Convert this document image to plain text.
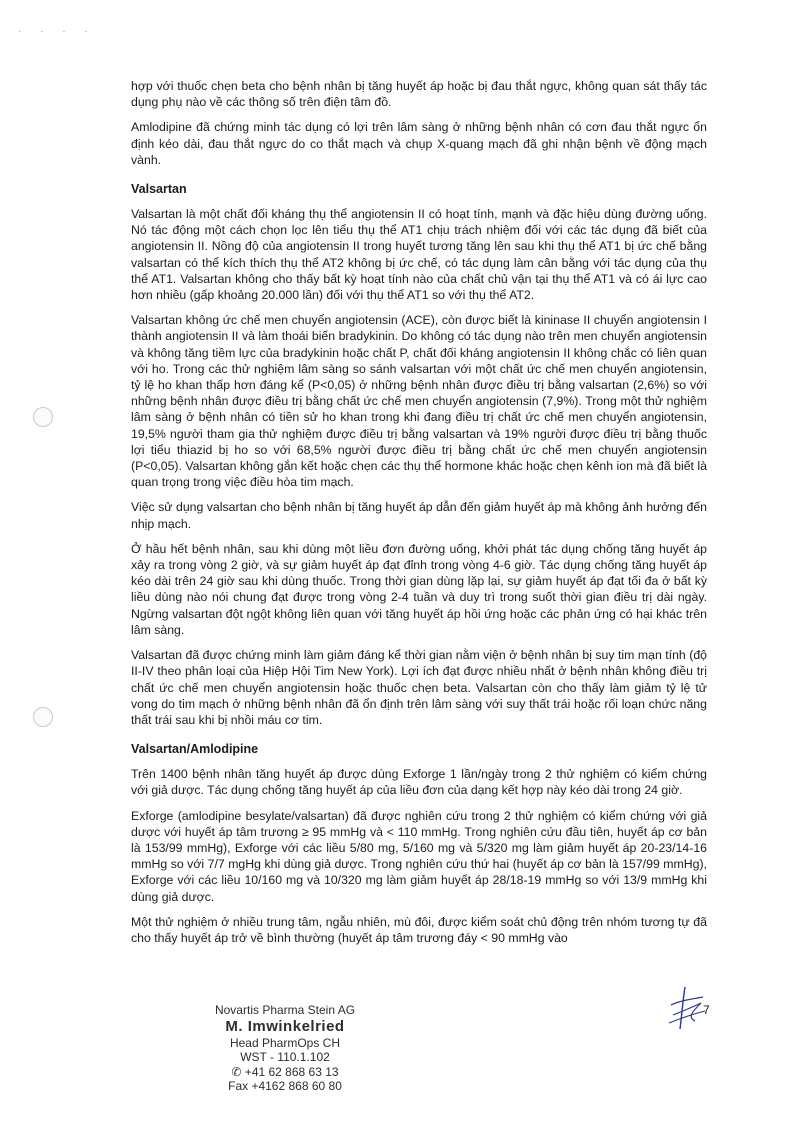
· · · ·

hợp với thuốc chẹn beta cho bệnh nhân bị tăng huyết áp hoặc bị đau thắt ngực, không quan sát thấy tác dụng phụ nào về các thông số trên điện tâm đồ.

Amlodipine đã chứng minh tác dụng có lợi trên lâm sàng ở những bệnh nhân có cơn đau thắt ngực ổn định kéo dài, đau thắt ngực do co thắt mạch và chụp X-quang mạch đã ghi nhận bệnh về động mạch vành.

Valsartan

Valsartan là một chất đối kháng thụ thể angiotensin II có hoạt tính, mạnh và đặc hiệu dùng đường uống. Nó tác động một cách chọn lọc lên tiểu thụ thể AT1 chịu trách nhiệm đối với các tác dụng đã biết của angiotensin II. Nồng độ của angiotensin II trong huyết tương tăng lên sau khi thụ thể AT1 bị ức chế bằng valsartan có thể kích thích thụ thể AT2 không bị ức chế, có tác dụng làm cân bằng với tác dụng của thụ thể AT1. Valsartan không cho thấy bất kỳ hoạt tính nào của chất chủ vận tại thụ thể AT1 và có ái lực cao hơn nhiều (gấp khoảng 20.000 lần) đối với thụ thể AT1 so với thụ thể AT2.

Valsartan không ức chế men chuyển angiotensin (ACE), còn được biết là kininase II chuyển angiotensin I thành angiotensin II và làm thoái biến bradykinin. Do không có tác dụng nào trên men chuyển angiotensin và không tăng tiềm lực của bradykinin hoặc chất P, chất đối kháng angiotensin II không chắc có liên quan với ho. Trong các thử nghiệm lâm sàng so sánh valsartan với một chất ức chế men chuyển angiotensin, tỷ lệ ho khan thấp hơn đáng kể (P<0,05) ở những bệnh nhân được điều trị bằng valsartan (2,6%) so với những bệnh nhân được điều trị bằng chất ức chế men chuyển angiotensin (7,9%). Trong một thử nghiệm lâm sàng ở bệnh nhân có tiền sử ho khan trong khi đang điều trị chất ức chế men chuyển angiotensin, 19,5% người tham gia thử nghiệm được điều trị bằng valsartan và 19% người được điều trị bằng thuốc lợi tiểu thiazid bị ho so với 68,5% người được điều trị bằng chất ức chế men chuyển angiotensin (P<0,05). Valsartan không gắn kết hoặc chẹn các thụ thể hormone khác hoặc chẹn kênh ion mà đã biết là quan trọng trong việc điều hòa tim mạch.

Việc sử dụng valsartan cho bệnh nhân bị tăng huyết áp dẫn đến giảm huyết áp mà không ảnh hưởng đến nhịp mạch.

Ở hầu hết bệnh nhân, sau khi dùng một liều đơn đường uống, khởi phát tác dụng chống tăng huyết áp xảy ra trong vòng 2 giờ, và sự giảm huyết áp đạt đỉnh trong vòng 4-6 giờ. Tác dụng chống tăng huyết áp kéo dài trên 24 giờ sau khi dùng thuốc. Trong thời gian dùng lặp lại, sự giảm huyết áp đạt tối đa ở bất kỳ liều dùng nào nói chung đạt được trong vòng 2-4 tuần và duy trì trong suốt thời gian điều trị dài ngày. Ngừng valsartan đột ngột không liên quan với tăng huyết áp hồi ứng hoặc các phản ứng có hại khác trên lâm sàng.

Valsartan đã được chứng minh làm giảm đáng kể thời gian nằm viện ở bệnh nhân bị suy tim mạn tính (độ II-IV theo phân loại của Hiệp Hội Tim New York). Lợi ích đạt được nhiều nhất ở bệnh nhân không điều trị chất ức chế men chuyển angiotensin hoặc thuốc chẹn beta. Valsartan còn cho thấy làm giảm tỷ lệ tử vong do tim mạch ở những bệnh nhân đã ổn định trên lâm sàng với suy thất trái hoặc rối loạn chức năng thất trái sau khi bị nhồi máu cơ tim.

Valsartan/Amlodipine

Trên 1400 bệnh nhân tăng huyết áp được dùng Exforge 1 lần/ngày trong 2 thử nghiệm có kiểm chứng với giả dược. Tác dụng chống tăng huyết áp của liều đơn của dạng kết hợp này kéo dài trong 24 giờ.

Exforge (amlodipine besylate/valsartan) đã được nghiên cứu trong 2 thử nghiệm có kiểm chứng với giả dược với huyết áp tâm trương ≥ 95 mmHg và < 110 mmHg. Trong nghiên cứu đầu tiên, huyết áp cơ bản là 153/99 mmHg), Exforge với các liều 5/80 mg, 5/160 mg và 5/320 mg làm giảm huyết áp 20-23/14-16 mmHg so với 7/7 mgHg khi dùng giả dược. Trong nghiên cứu thứ hai (huyết áp cơ bản là 157/99 mmHg), Exforge với các liều 10/160 mg và 10/320 mg làm giảm huyết áp 28/18-19 mmHg so với 13/9 mmHg khi dùng giả dược.

Một thử nghiệm ở nhiều trung tâm, ngẫu nhiên, mù đôi, được kiểm soát chủ động trên nhóm tương tự đã cho thấy huyết áp trở về bình thường (huyết áp tâm trương đáy < 90 mmHg vào

Novartis Pharma Stein AG
M. Imwinkelried
Head PharmOps CH
WST - 110.1.102
✆ +41 62 868 63 13
Fax +4162 868 60 80
7
